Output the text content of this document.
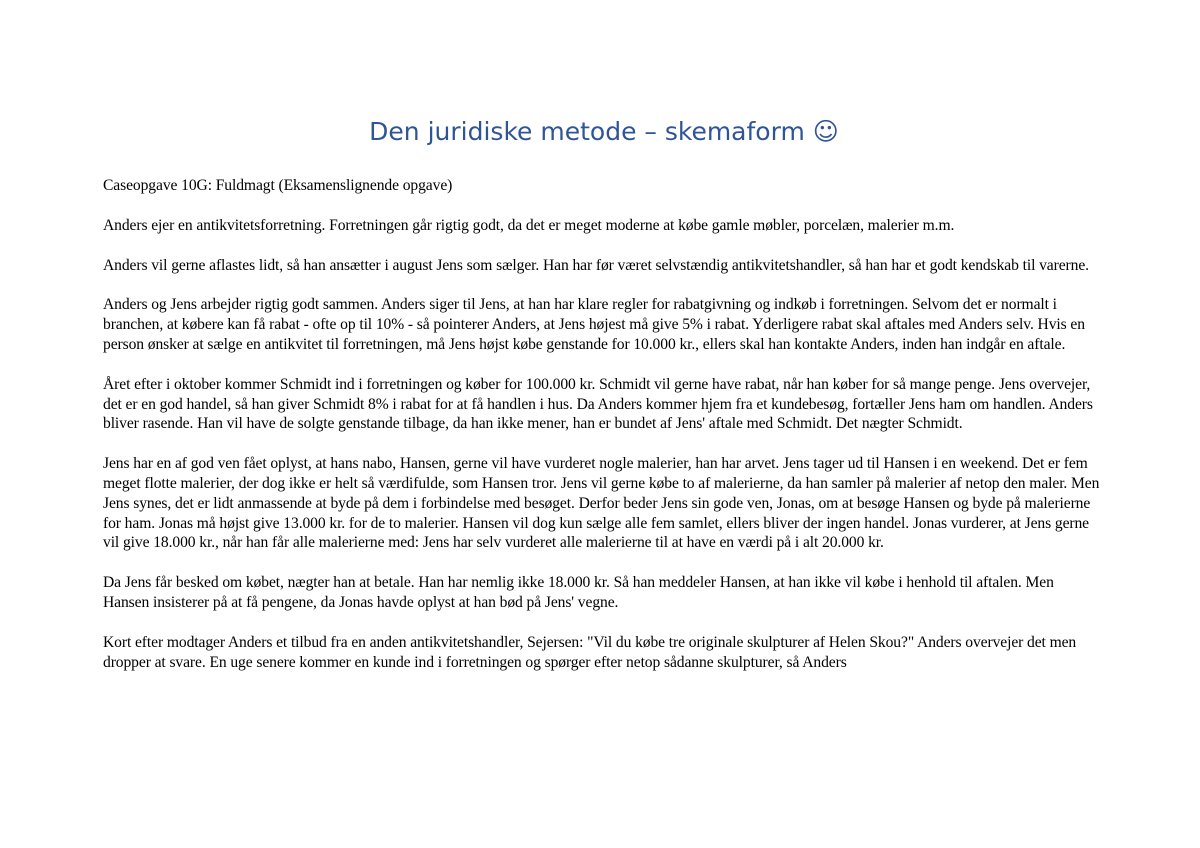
Den juridiske metode – skemaform ☺

Caseopgave 10G: Fuldmagt (Eksamenslignende opgave)

Anders ejer en antikvitetsforretning. Forretningen går rigtig godt, da det er meget moderne at købe gamle møbler, porcelæn, malerier m.m.

Anders vil gerne aflastes lidt, så han ansætter i august Jens som sælger. Han har før været selvstændig antikvitetshandler, så han har et godt kendskab til varerne.

Anders og Jens arbejder rigtig godt sammen. Anders siger til Jens, at han har klare regler for rabatgivning og indkøb i forretningen. Selvom det er normalt i branchen, at købere kan få rabat - ofte op til 10% - så pointerer Anders, at Jens højest må give 5% i rabat. Yderligere rabat skal aftales med Anders selv. Hvis en person ønsker at sælge en antikvitet til forretningen, må Jens højst købe genstande for 10.000 kr., ellers skal han kontakte Anders, inden han indgår en aftale.

Året efter i oktober kommer Schmidt ind i forretningen og køber for 100.000 kr. Schmidt vil gerne have rabat, når han køber for så mange penge. Jens overvejer, det er en god handel, så han giver Schmidt 8% i rabat for at få handlen i hus. Da Anders kommer hjem fra et kundebesøg, fortæller Jens ham om handlen. Anders bliver rasende. Han vil have de solgte genstande tilbage, da han ikke mener, han er bundet af Jens' aftale med Schmidt. Det nægter Schmidt.

Jens har en af god ven fået oplyst, at hans nabo, Hansen, gerne vil have vurderet nogle malerier, han har arvet. Jens tager ud til Hansen i en weekend. Det er fem meget flotte malerier, der dog ikke er helt så værdifulde, som Hansen tror. Jens vil gerne købe to af malerierne, da han samler på malerier af netop den maler. Men Jens synes, det er lidt anmassende at byde på dem i forbindelse med besøget. Derfor beder Jens sin gode ven, Jonas, om at besøge Hansen og byde på malerierne for ham. Jonas må højst give 13.000 kr. for de to malerier. Hansen vil dog kun sælge alle fem samlet, ellers bliver der ingen handel. Jonas vurderer, at Jens gerne vil give 18.000 kr., når han får alle malerierne med: Jens har selv vurderet alle malerierne til at have en værdi på i alt 20.000 kr.

Da Jens får besked om købet, nægter han at betale. Han har nemlig ikke 18.000 kr. Så han meddeler Hansen, at han ikke vil købe i henhold til aftalen. Men Hansen insisterer på at få pengene, da Jonas havde oplyst at han bød på Jens' vegne.

Kort efter modtager Anders et tilbud fra en anden antikvitetshandler, Sejersen: "Vil du købe tre originale skulpturer af Helen Skou?" Anders overvejer det men dropper at svare. En uge senere kommer en kunde ind i forretningen og spørger efter netop sådanne skulpturer, så Anders
